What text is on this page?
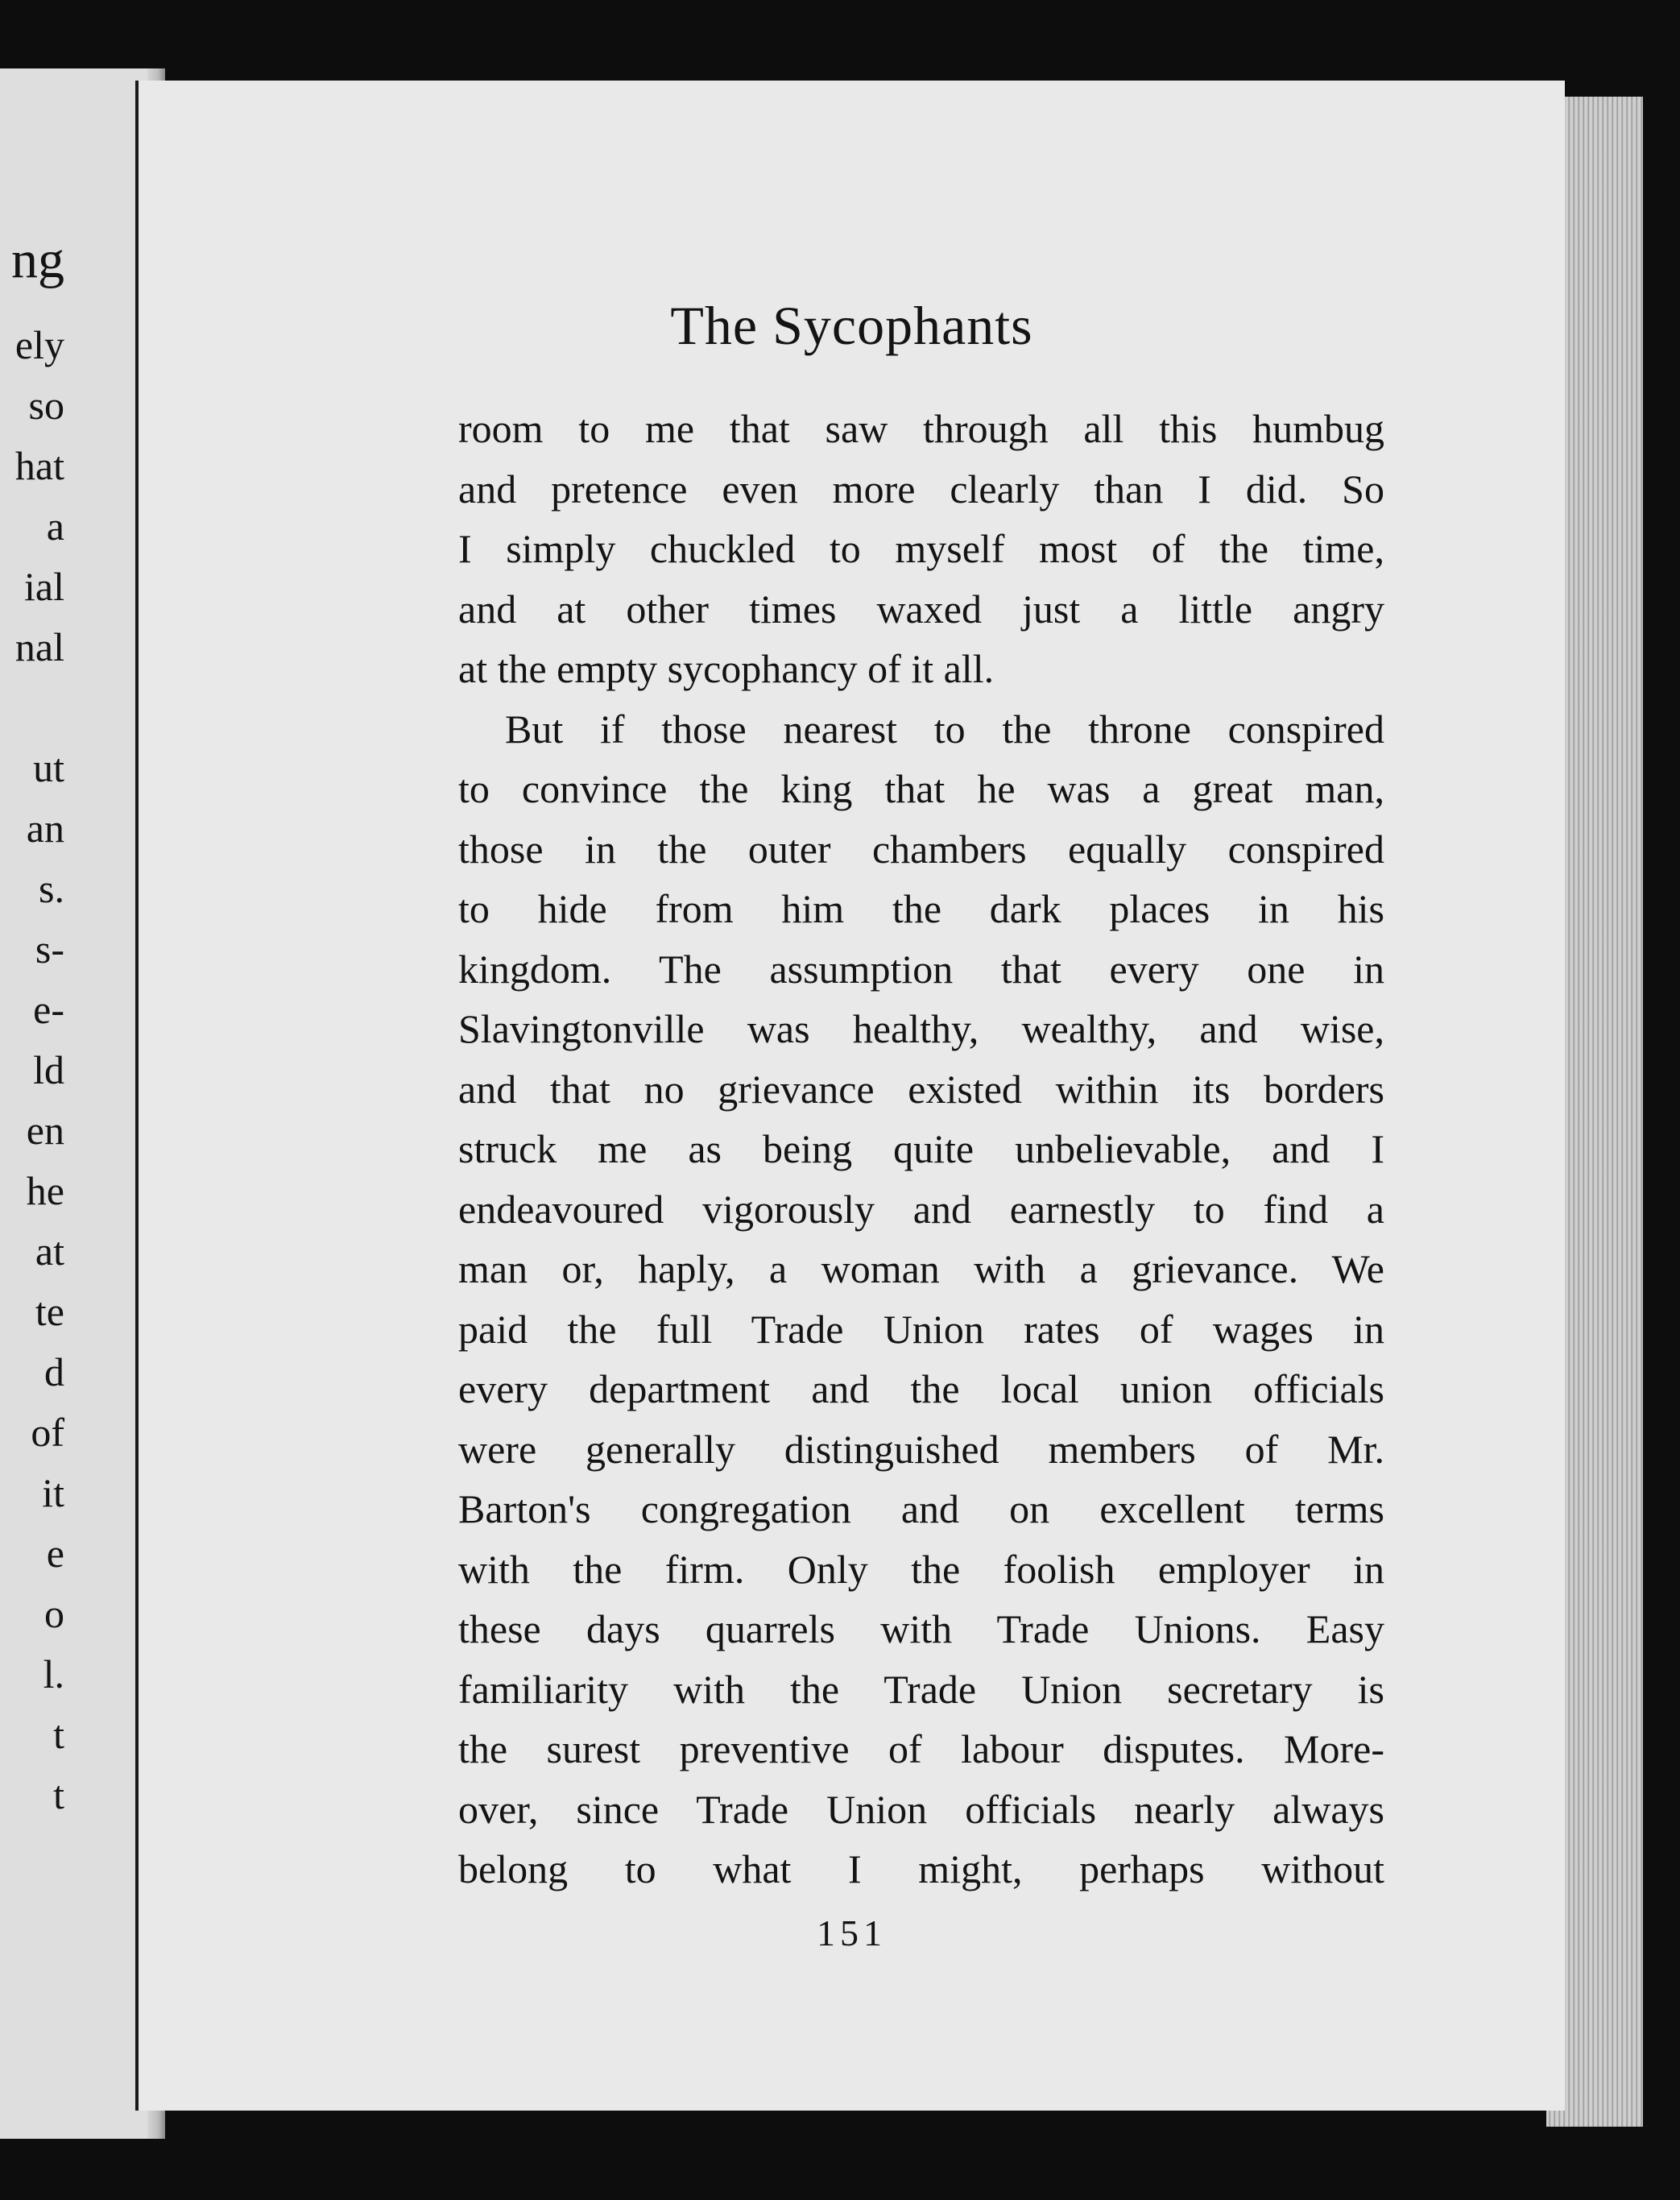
ng
ely
so
hat
a
ial
nal
ut
an
s.
s-
e-
ld
en
he
at
te
d
of
it
e
o
l.
t
t
The Sycophants
room to me that saw through all this humbug
and pretence even more clearly than I did. So
I simply chuckled to myself most of the time,
and at other times waxed just a little angry
at the empty sycophancy of it all.
But if those nearest to the throne conspired
to convince the king that he was a great man,
those in the outer chambers equally conspired
to hide from him the dark places in his
kingdom. The assumption that every one in
Slavingtonville was healthy, wealthy, and wise,
and that no grievance existed within its borders
struck me as being quite unbelievable, and I
endeavoured vigorously and earnestly to find a
man or, haply, a woman with a grievance. We
paid the full Trade Union rates of wages in
every department and the local union officials
were generally distinguished members of Mr.
Barton's congregation and on excellent terms
with the firm. Only the foolish employer in
these days quarrels with Trade Unions. Easy
familiarity with the Trade Union secretary is
the surest preventive of labour disputes. More-
over, since Trade Union officials nearly always
belong to what I might, perhaps without
151
